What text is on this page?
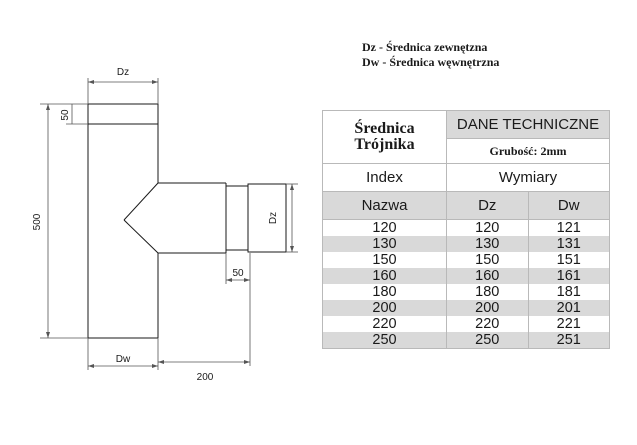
Dz
500
50
Dw
200
50
Dz
Dz - Średnica zewnętzna
Dw - Średnica węwnętrzna
Średnica
Trójnika	DANE TECHNICZNE	
	Grubość: 2mm	
Index	Wymiary	
Nazwa	Dz	Dw
120	120	121
130	130	131
150	150	151
160	160	161
180	180	181
200	200	201
220	220	221
250	250	251
